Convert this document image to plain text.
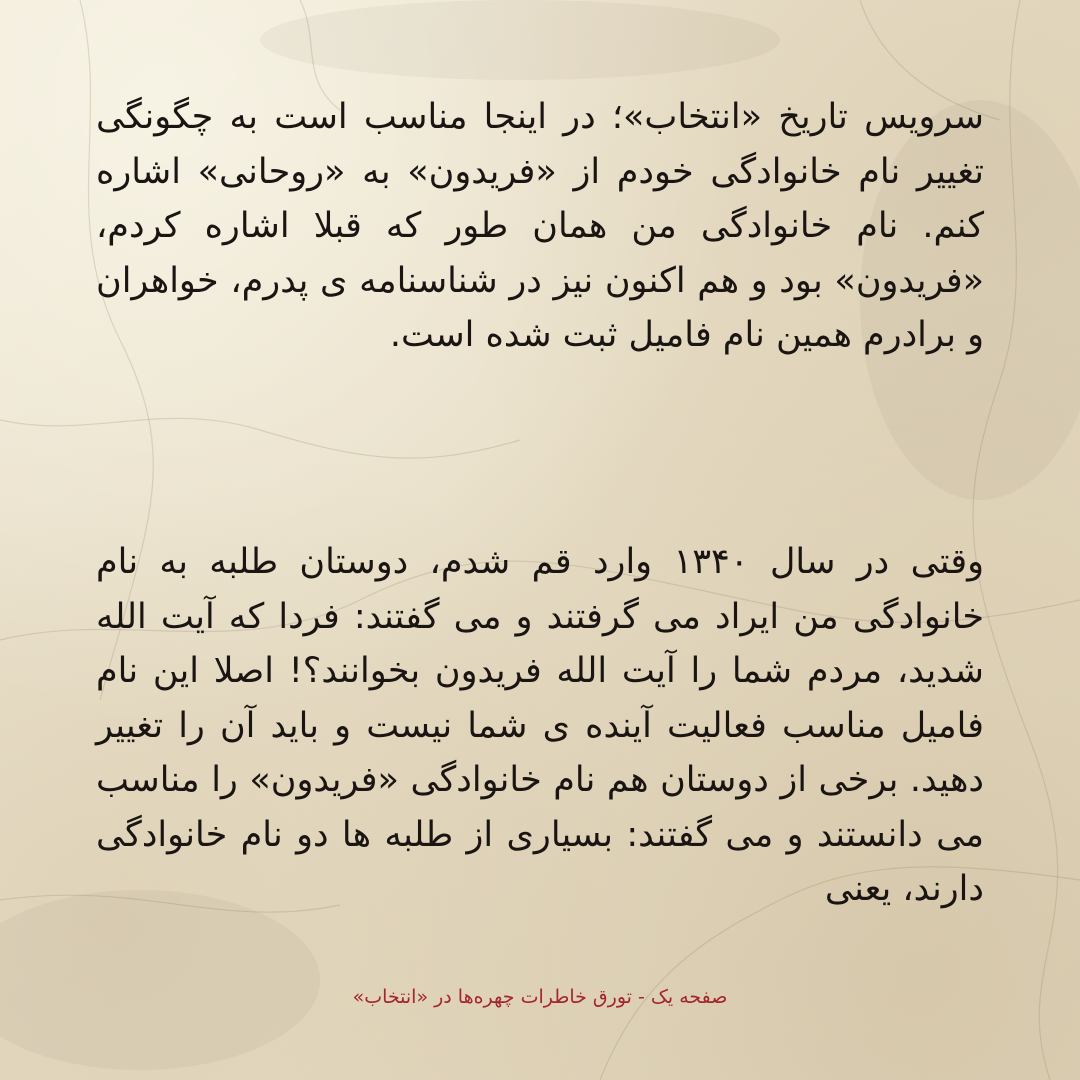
سرویس تاریخ «انتخاب»؛ در اینجا مناسب است به چگونگی تغییر نام خانوادگی خودم از «فریدون» به «روحانی» اشاره کنم. نام خانوادگی من همان طور که قبلا اشاره کردم، «فریدون» بود و هم اکنون نیز در شناسنامه ی پدرم، خواهران و برادرم همین نام فامیل ثبت شده است.

وقتی در سال ۱۳۴۰ وارد قم شدم، دوستان طلبه به نام خانوادگی من ایراد می گرفتند و می گفتند: فردا که آیت الله شدید، مردم شما را آیت الله فریدون بخوانند؟! اصلا این نام فامیل مناسب فعالیت آینده ی شما نیست و باید آن را تغییر دهید. برخی از دوستان هم نام خانوادگی «فریدون» را مناسب می دانستند و می گفتند: بسیاری از طلبه ها دو نام خانوادگی دارند، یعنی

صفحه یک - تورق خاطرات چهره‌ها در «انتخاب»
